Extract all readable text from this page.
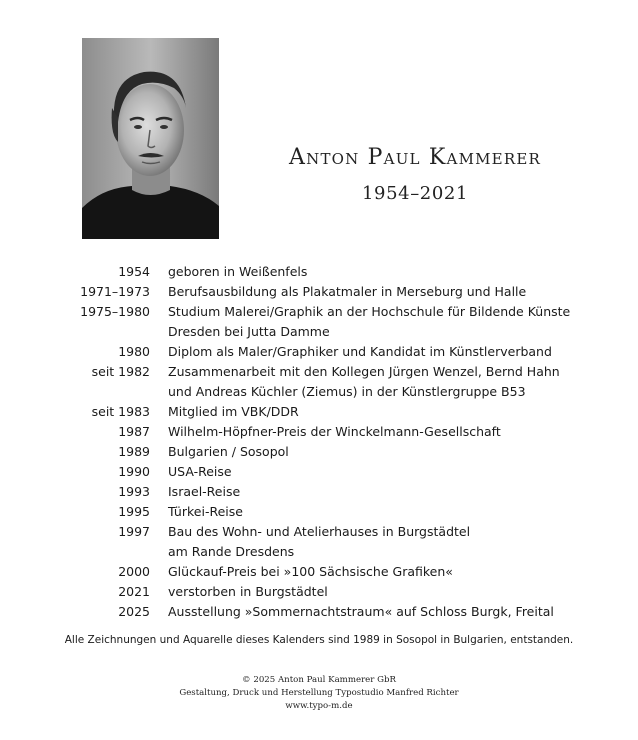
Anton Paul Kammerer
1954–2021
1954 geboren in Weißenfels
1971–1973 Berufsausbildung als Plakatmaler in Merseburg und Halle
1975–1980 Studium Malerei/Graphik an der Hochschule für Bildende Künste
Dresden bei Jutta Damme
1980 Diplom als Maler/Graphiker und Kandidat im Künstlerverband
seit 1982 Zusammenarbeit mit den Kollegen Jürgen Wenzel, Bernd Hahn
und Andreas Küchler (Ziemus) in der Künstlergruppe B53
seit 1983 Mitglied im VBK/DDR
1987 Wilhelm-Höpfner-Preis der Winckelmann-Gesellschaft
1989 Bulgarien / Sosopol
1990 USA-Reise
1993 Israel-Reise
1995 Türkei-Reise
1997 Bau des Wohn- und Atelierhauses in Burgstädtel
am Rande Dresdens
2000 Glückauf-Preis bei »100 Sächsische Grafiken«
2021 verstorben in Burgstädtel
2025 Ausstellung »Sommernachtstraum« auf Schloss Burgk, Freital
Alle Zeichnungen und Aquarelle dieses Kalenders sind 1989 in Sosopol in Bulgarien, entstanden.
© 2025 Anton Paul Kammerer GbR
Gestaltung, Druck und Herstellung Typostudio Manfred Richter
www.typo-m.de
